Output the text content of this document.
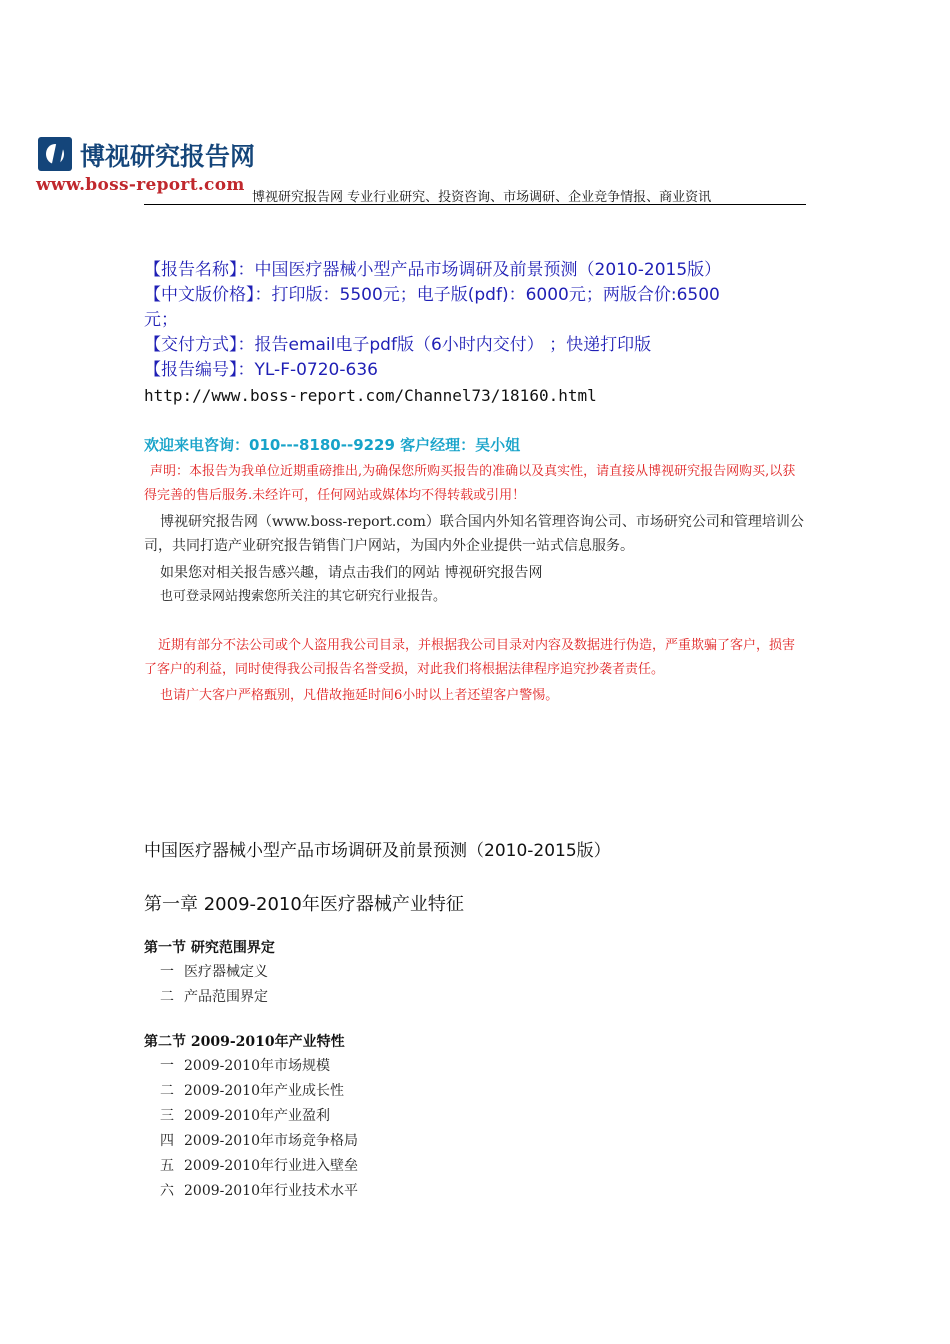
博视研究报告网
www.boss-report.com
博视研究报告网 专业行业研究、投资咨询、市场调研、企业竞争情报、商业资讯
【报告名称】：中国医疗器械小型产品市场调研及前景预测（2010-2015版）
【中文版价格】：打印版：5500元；电子版(pdf)：6000元；两版合价:6500
元；
【交付方式】：报告email电子pdf版（6小时内交付） ；快递打印版
【报告编号】：YL-F-0720-636
http://www.boss-report.com/Channel73/18160.html
欢迎来电咨询：010---8180--9229 客户经理：吴小姐
声明：本报告为我单位近期重磅推出,为确保您所购买报告的准确以及真实性，请直接从博视研究报告网购买,以获得完善的售后服务.未经许可，任何网站或媒体均不得转载或引用！
博视研究报告网（www.boss-report.com）联合国内外知名管理咨询公司、市场研究公司和管理培训公司，共同打造产业研究报告销售门户网站，为国内外企业提供一站式信息服务。
如果您对相关报告感兴趣，请点击我们的网站 博视研究报告网
也可登录网站搜索您所关注的其它研究行业报告。
近期有部分不法公司或个人盗用我公司目录，并根据我公司目录对内容及数据进行伪造，严重欺骗了客户，损害了客户的利益，同时使得我公司报告名誉受损，对此我们将根据法律程序追究抄袭者责任。
也请广大客户严格甄别，凡借故拖延时间6小时以上者还望客户警惕。
中国医疗器械小型产品市场调研及前景预测（2010-2015版）
第一章 2009-2010年医疗器械产业特征
第一节 研究范围界定
一 医疗器械定义
二 产品范围界定
第二节 2009-2010年产业特性
一 2009-2010年市场规模
二 2009-2010年产业成长性
三 2009-2010年产业盈利
四 2009-2010年市场竞争格局
五 2009-2010年行业进入壁垒
六 2009-2010年行业技术水平
